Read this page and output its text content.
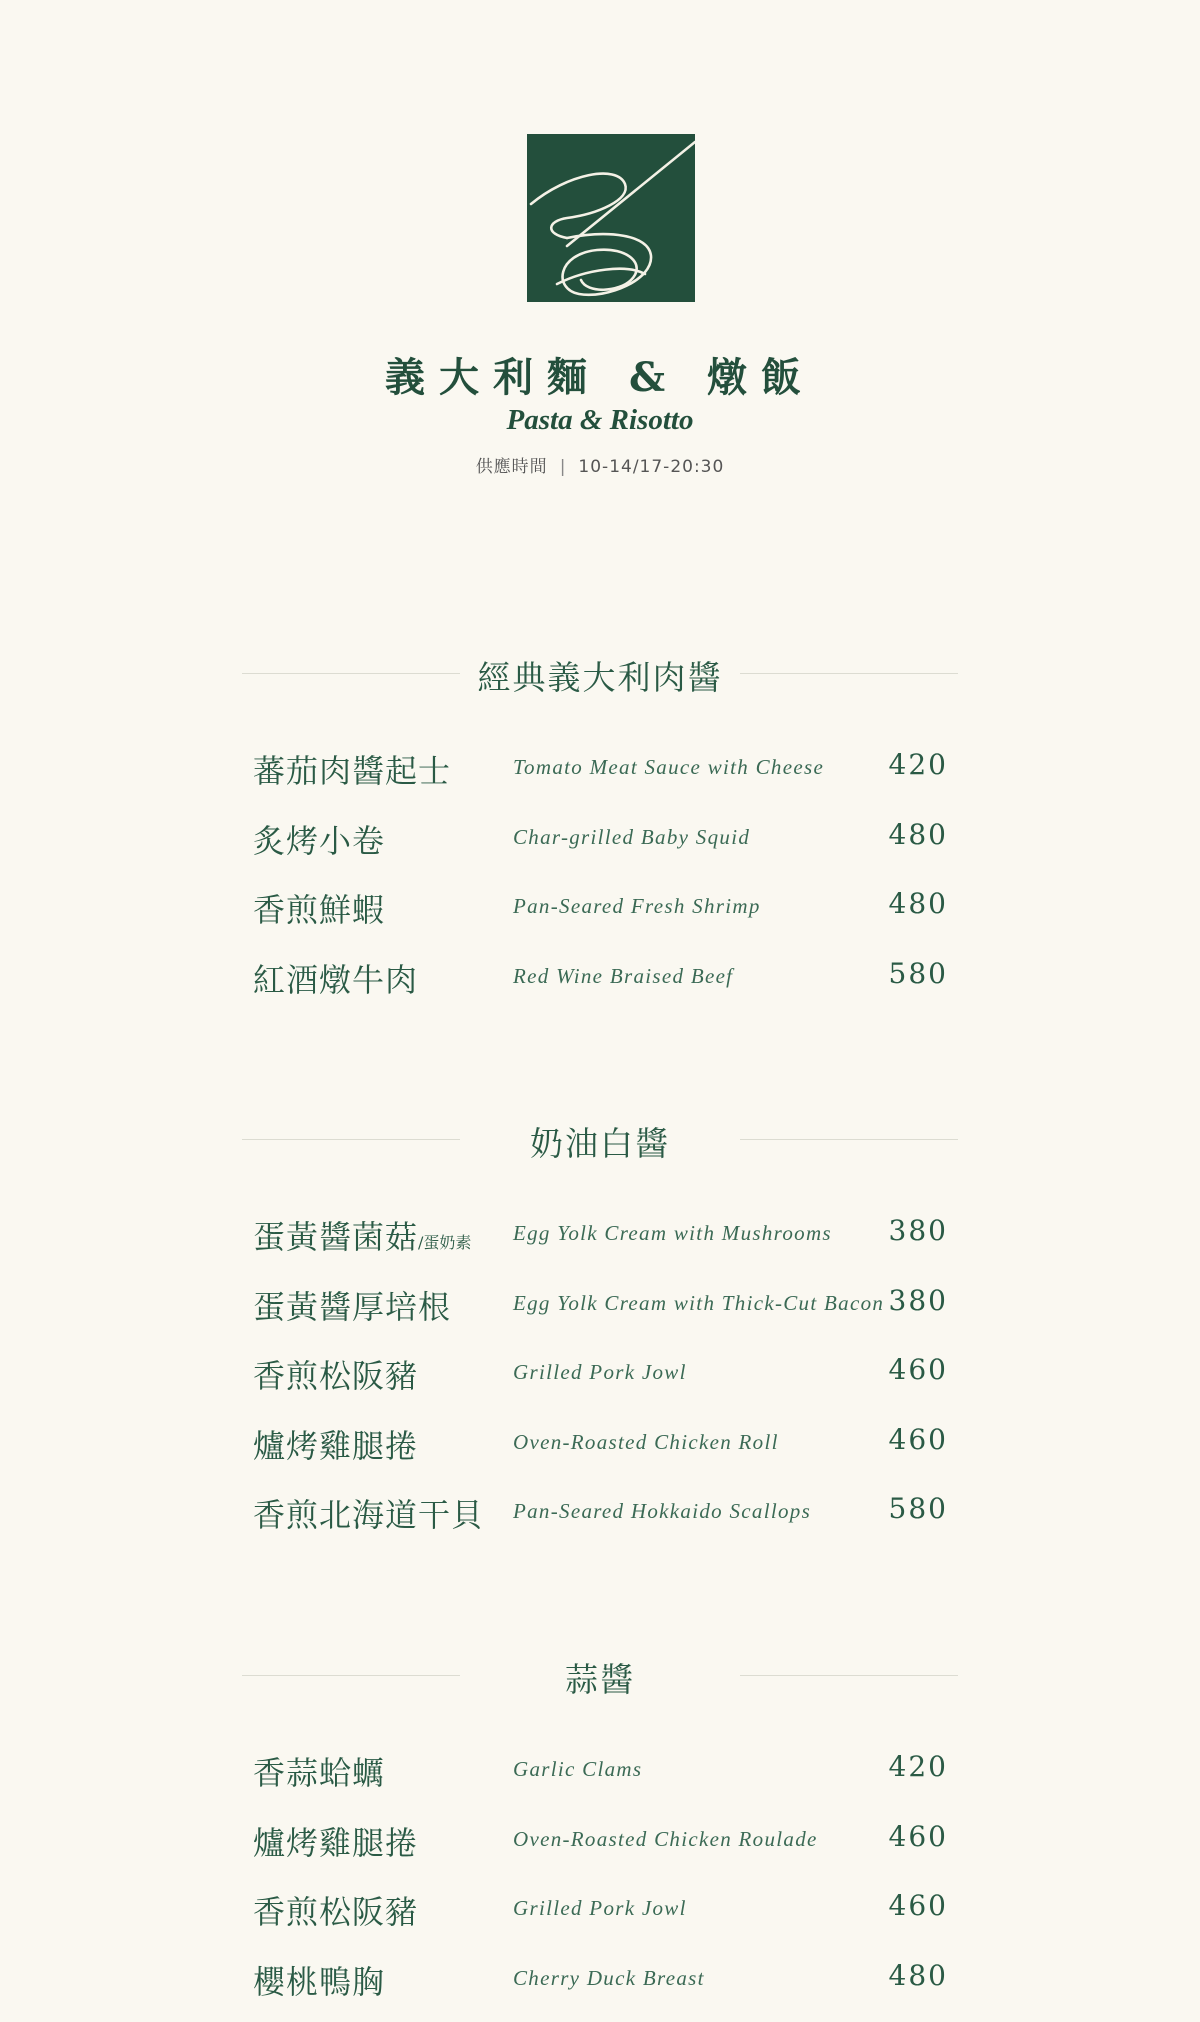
義大利麵 & 燉飯
Pasta & Risotto
供應時間 | 10-14/17-20:30
經典義大利肉醬
蕃茄肉醬起士	Tomato Meat Sauce with Cheese	420
炙烤小卷	Char-grilled Baby Squid	480
香煎鮮蝦	Pan-Seared Fresh Shrimp	480
紅酒燉牛肉	Red Wine Braised Beef	580
奶油白醬
蛋黃醬菌菇/蛋奶素 Egg Yolk Cream with Mushrooms	380
蛋黃醬厚培根	Egg Yolk Cream with Thick-Cut Bacon 380
香煎松阪豬	Grilled Pork Jowl	460
爐烤雞腿捲	Oven-Roasted Chicken Roll	460
香煎北海道干貝 Pan-Seared Hokkaido Scallops	580
蒜醬
香蒜蛤蠣	Garlic Clams	420
爐烤雞腿捲	Oven-Roasted Chicken Roulade	460
香煎松阪豬	Grilled Pork Jowl	460
櫻桃鴨胸	Cherry Duck Breast	480
